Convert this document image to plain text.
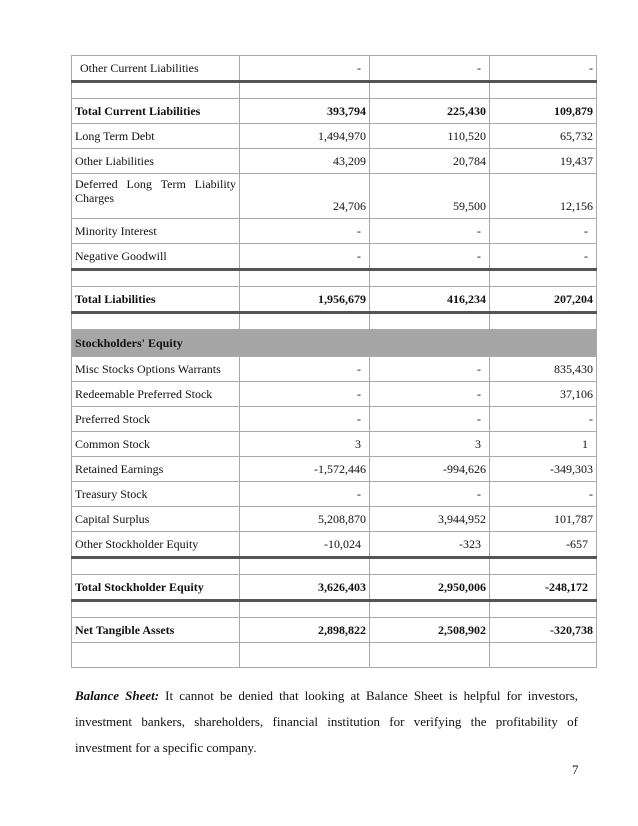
Other Current Liabilities	-	-	-

Total Current Liabilities	393,794	225,430	109,879
Long Term Debt	1,494,970	110,520	65,732
Other Liabilities	43,209	20,784	19,437

Deferred Long Term Liability
Charges	24,706	59,500	12,156
Minority Interest	-	-	-
Negative Goodwill	-	-	-

Total Liabilities	1,956,679	416,234	207,204

Stockholders' Equity			
Misc Stocks Options Warrants	-	-	835,430
Redeemable Preferred Stock	-	-	37,106
Preferred Stock	-	-	-
Common Stock	3	3	1
Retained Earnings	-1,572,446	-994,626	-349,303
Treasury Stock	-	-	-
Capital Surplus	5,208,870	3,944,952	101,787
Other Stockholder Equity	-10,024	-323	-657

Total Stockholder Equity	3,626,403	2,950,006	-248,172

Net Tangible Assets	2,898,822	2,508,902	-320,738

Balance Sheet: It cannot be denied that looking at Balance Sheet is helpful for investors, investment bankers, shareholders, financial institution for verifying the profitability of investment for a specific company.

7
